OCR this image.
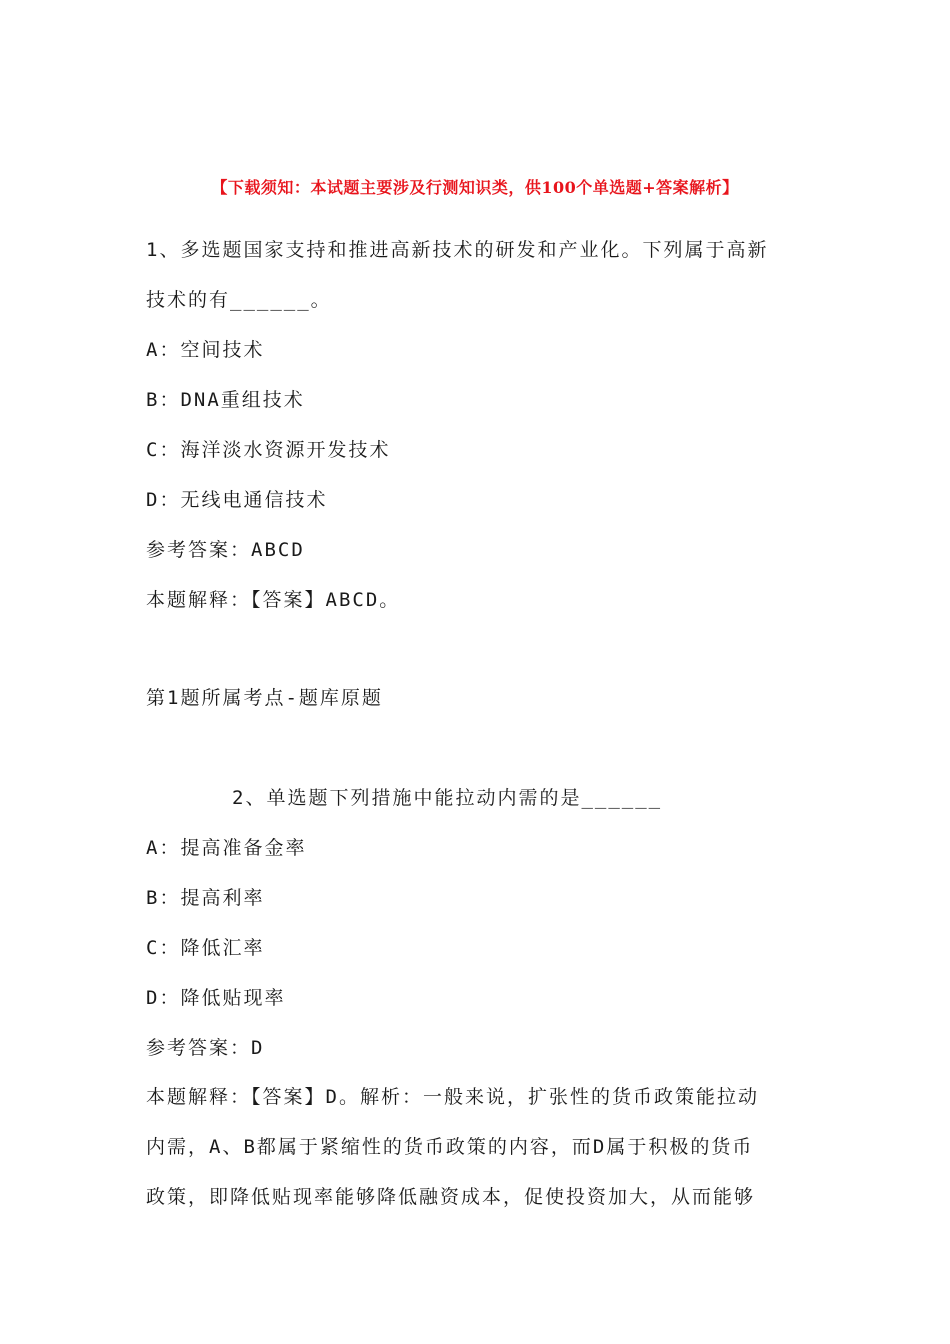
【下载须知：本试题主要涉及行测知识类，供100个单选题+答案解析】
1、多选题国家支持和推进高新技术的研发和产业化。下列属于高新
技术的有______。
A：空间技术
B：DNA重组技术
C：海洋淡水资源开发技术
D：无线电通信技术
参考答案：ABCD
本题解释：【答案】ABCD。
第1题所属考点-题库原题
2、单选题下列措施中能拉动内需的是______
A：提高准备金率
B：提高利率
C：降低汇率
D：降低贴现率
参考答案：D
本题解释：【答案】D。解析：一般来说，扩张性的货币政策能拉动
内需，A、B都属于紧缩性的货币政策的内容，而D属于积极的货币
政策，即降低贴现率能够降低融资成本，促使投资加大，从而能够
